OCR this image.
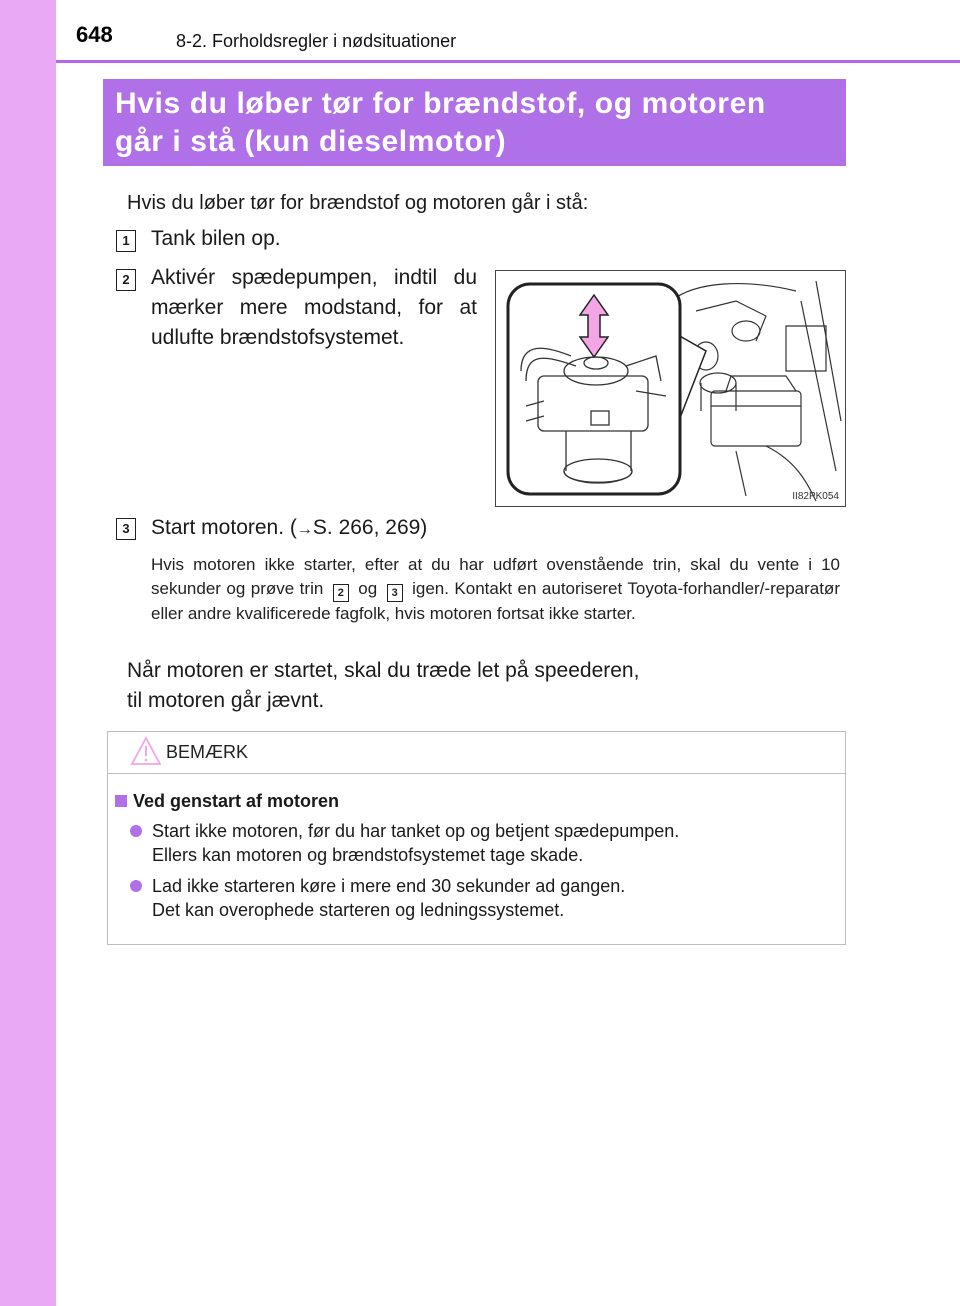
648	8-2. Forholdsregler i nødsituationer
Hvis du løber tør for brændstof, og motoren
går i stå (kun dieselmotor)
Hvis du løber tør for brændstof og motoren går i stå:
1	Tank bilen op.
2	Aktivér spædepumpen, indtil du
mærker mere modstand, for at
udlufte brændstofsystemet.
II82PK054
3	Start motoren. (→S. 266, 269)
Hvis motoren ikke starter, efter at du har udført ovenstående trin, skal du vente i 10 sekunder og prøve trin 2 og 3 igen. Kontakt en autoriseret Toyota-forhandler/-reparatør eller andre kvalificerede fagfolk, hvis motoren fortsat ikke starter.
Når motoren er startet, skal du træde let på speederen,
til motoren går jævnt.
BEMÆRK
Ved genstart af motoren
Start ikke motoren, før du har tanket op og betjent spædepumpen.
Ellers kan motoren og brændstofsystemet tage skade.
Lad ikke starteren køre i mere end 30 sekunder ad gangen.
Det kan overophede starteren og ledningssystemet.
